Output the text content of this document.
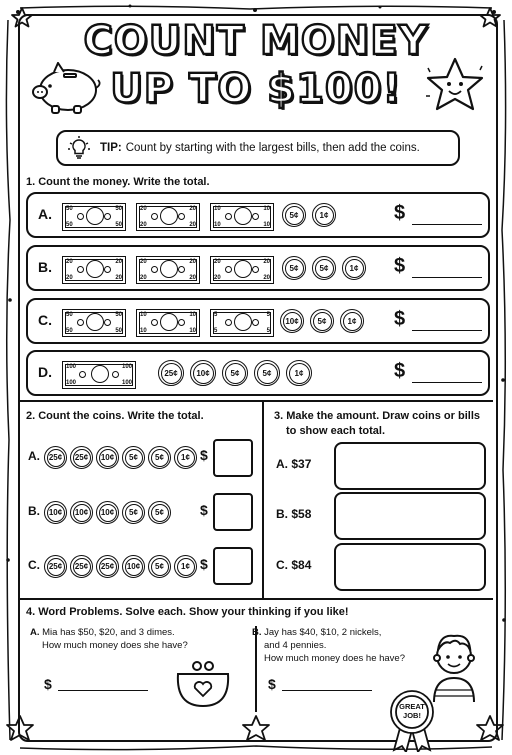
COUNT MONEY
UP TO $100!
TIP: Count by starting with the largest bills, then add the coins.
1. Count the money. Write the total.
A.	$
B.	$
C.	$
D.	$
2. Count the coins. Write the total.
A.
B.
C.
$
$
$
3. Make the amount. Draw coins or bills
to show each total.
A. $37
B. $58
C. $84
4. Word Problems. Solve each. Show your thinking if you like!
A. Mia has $50, $20, and 3 dimes.
How much money does she have?
$
B. Jay has $40, $10, 2 nickels,
and 4 pennies.
How much money does he have?
$
GREAT
JOB!
50	50
50	50
20	20
20	20
10	10
10	10
5¢	1¢
20	20
20	20
20	20
20	20
20	20
20	20
5¢	5¢	1¢
50	50
50	50
10	10
10	10
5	5
5	5
10¢	5¢	1¢
100	100
100	100
25¢	10¢	5¢	5¢	1¢
25¢	25¢	10¢	5¢	5¢	1¢
10¢	10¢	10¢	5¢	5¢
25¢	25¢	25¢	10¢	5¢	1¢
